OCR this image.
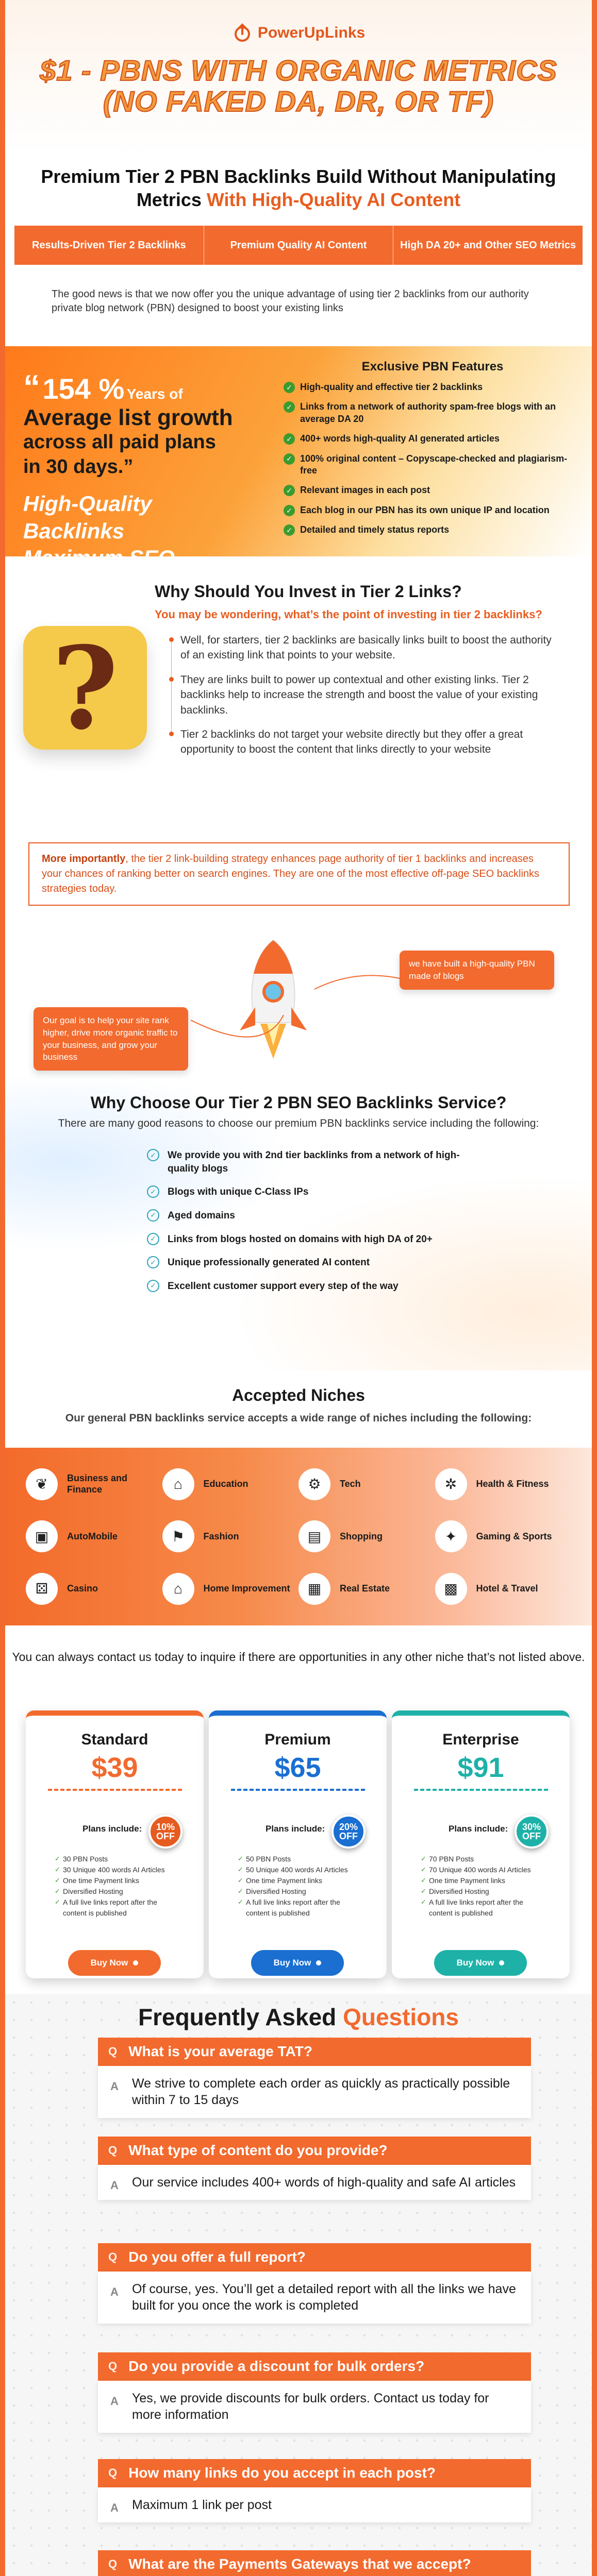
PowerUpLinks
$1 - PBNS WITH ORGANIC METRICS
(NO FAKED DA, DR, OR TF)
Premium Tier 2 PBN Backlinks Build Without Manipulating Metrics With High-Quality AI Content
Results-Driven Tier 2 Backlinks	Premium Quality AI Content	High DA 20+ and Other SEO Metrics

The good news is that we now offer you the unique advantage of using tier 2 backlinks from our authority private blog network (PBN) designed to boost your existing links

“ 154 % Years of
Average list growth
across all paid plans
in 30 days.”
High-Quality Backlinks
Maximum SEO Impact!
Exclusive PBN Features
✓ High-quality and effective tier 2 backlinks
✓ Links from a network of authority spam-free blogs with an average DA 20
✓ 400+ words high-quality AI generated articles
✓ 100% original content – Copyscape-checked and plagiarism-free
✓ Relevant images in each post
✓ Each blog in our PBN has its own unique IP and location
✓ Detailed and timely status reports
Why Should You Invest in Tier 2 Links?
You may be wondering, what’s the point of investing in tier 2 backlinks?
?	Well, for starters, tier 2 backlinks are basically links built to boost the authority of an existing link that points to your website.

They are links built to power up contextual and other existing links. Tier 2 backlinks help to increase the strength and boost the value of your existing backlinks.

Tier 2 backlinks do not target your website directly but they offer a great opportunity to boost the content that links directly to your website

More importantly, the tier 2 link-building strategy enhances page authority of tier 1 backlinks and increases your chances of ranking better on search engines. They are one of the most effective off-page SEO backlinks strategies today.
Our goal is to help your site rank higher, drive more organic traffic to your business, and grow your business
we have built a high-quality PBN made of blogs
Why Choose Our Tier 2 PBN SEO Backlinks Service?

There are many good reasons to choose our premium PBN backlinks service including the following:

✓	We provide you with 2nd tier backlinks from a network of high-quality blogs
✓	Blogs with unique C-Class IPs
✓	Aged domains
✓	Links from blogs hosted on domains with high DA of 20+
✓	Unique professionally generated AI content
✓	Excellent customer support every step of the way
Accepted Niches

Our general PBN backlinks service accepts a wide range of niches including the following:

❦	Business and Finance	⌂	Education	⚙	Tech	✲	Health & Fitness
▣	AutoMobile	⚑	Fashion	▤	Shopping	✦	Gaming & Sports
⚄	Casino	⌂	Home Improvement	▦	Real Estate	▩	Hotel & Travel

You can always contact us today to inquire if there are opportunities in any other niche that’s not listed above.

Standard
$39
Plans include:	10% OFF
✓ 30 PBN Posts
✓ 30 Unique 400 words AI Articles
✓ One time Payment links
✓ Diversified Hosting
✓ A full live links report after the content is published
Buy Now
Premium
$65
Plans include:	20% OFF
✓ 50 PBN Posts
✓ 50 Unique 400 words AI Articles
✓ One time Payment links
✓ Diversified Hosting
✓ A full live links report after the content is published
Buy Now
Enterprise
$91
Plans include:	30% OFF
✓ 70 PBN Posts
✓ 70 Unique 400 words AI Articles
✓ One time Payment links
✓ Diversified Hosting
✓ A full live links report after the content is published
Buy Now
Frequently Asked Questions
Q What is your average TAT?
A We strive to complete each order as quickly as practically possible within 7 to 15 days
Q What type of content do you provide?
A Our service includes 400+ words of high-quality and safe AI articles
Q Do you offer a full report?
A Of course, yes. You’ll get a detailed report with all the links we have built for you once the work is completed
Q Do you provide a discount for bulk orders?
A Yes, we provide discounts for bulk orders. Contact us today for more information
Q How many links do you accept in each post?
A Maximum 1 link per post
Q What are the Payments Gateways that we accept?
